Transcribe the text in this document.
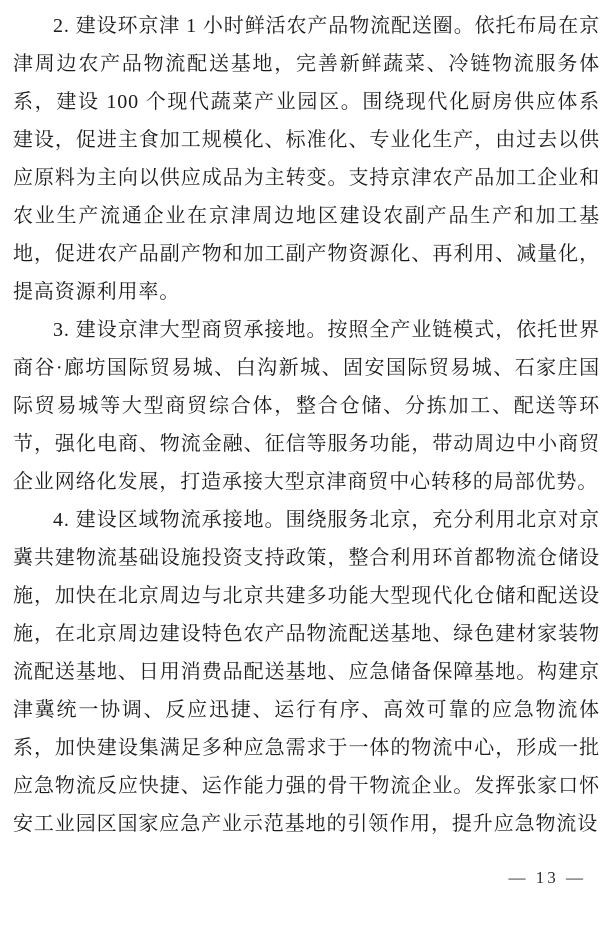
2. 建设环京津 1 小时鲜活农产品物流配送圈。依托布局在京津周边农产品物流配送基地，完善新鲜蔬菜、冷链物流服务体系，建设 100 个现代蔬菜产业园区。围绕现代化厨房供应体系建设，促进主食加工规模化、标准化、专业化生产，由过去以供应原料为主向以供应成品为主转变。支持京津农产品加工企业和农业生产流通企业在京津周边地区建设农副产品生产和加工基地，促进农产品副产物和加工副产物资源化、再利用、减量化，提高资源利用率。

3. 建设京津大型商贸承接地。按照全产业链模式，依托世界商谷·廊坊国际贸易城、白沟新城、固安国际贸易城、石家庄国际贸易城等大型商贸综合体，整合仓储、分拣加工、配送等环节，强化电商、物流金融、征信等服务功能，带动周边中小商贸企业网络化发展，打造承接大型京津商贸中心转移的局部优势。

4. 建设区域物流承接地。围绕服务北京，充分利用北京对京冀共建物流基础设施投资支持政策，整合利用环首都物流仓储设施，加快在北京周边与北京共建多功能大型现代化仓储和配送设施，在北京周边建设特色农产品物流配送基地、绿色建材家装物流配送基地、日用消费品配送基地、应急储备保障基地。构建京津冀统一协调、反应迅捷、运行有序、高效可靠的应急物流体系，加快建设集满足多种应急需求于一体的物流中心，形成一批应急物流反应快捷、运作能力强的骨干物流企业。发挥张家口怀安工业园区国家应急产业示范基地的引领作用，提升应急物流设

— 13 —
